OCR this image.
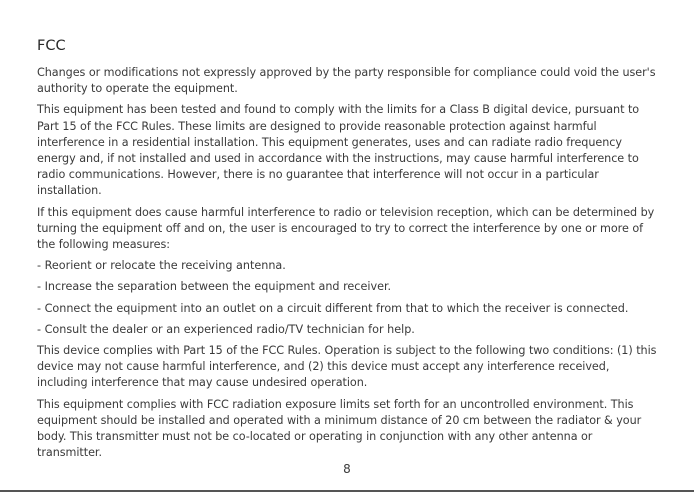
FCC

Changes or modifications not expressly approved by the party responsible for compliance could void the user's authority to operate the equipment.

This equipment has been tested and found to comply with the limits for a Class B digital device, pursuant to Part 15 of the FCC Rules. These limits are designed to provide reasonable protection against harmful interference in a residential installation. This equipment generates, uses and can radiate radio frequency energy and, if not installed and used in accordance with the instructions, may cause harmful interference to radio communications. However, there is no guarantee that interference will not occur in a particular installation.

If this equipment does cause harmful interference to radio or television reception, which can be determined by turning the equipment off and on, the user is encouraged to try to correct the interference by one or more of the following measures:

- Reorient or relocate the receiving antenna.

- Increase the separation between the equipment and receiver.

- Connect the equipment into an outlet on a circuit different from that to which the receiver is connected.

- Consult the dealer or an experienced radio/TV technician for help.

This device complies with Part 15 of the FCC Rules. Operation is subject to the following two conditions: (1) this device may not cause harmful interference, and (2) this device must accept any interference received, including interference that may cause undesired operation.

This equipment complies with FCC radiation exposure limits set forth for an uncontrolled environment. This equipment should be installed and operated with a minimum distance of 20 cm between the radiator & your body. This transmitter must not be co-located or operating in conjunction with any other antenna or transmitter.

8
